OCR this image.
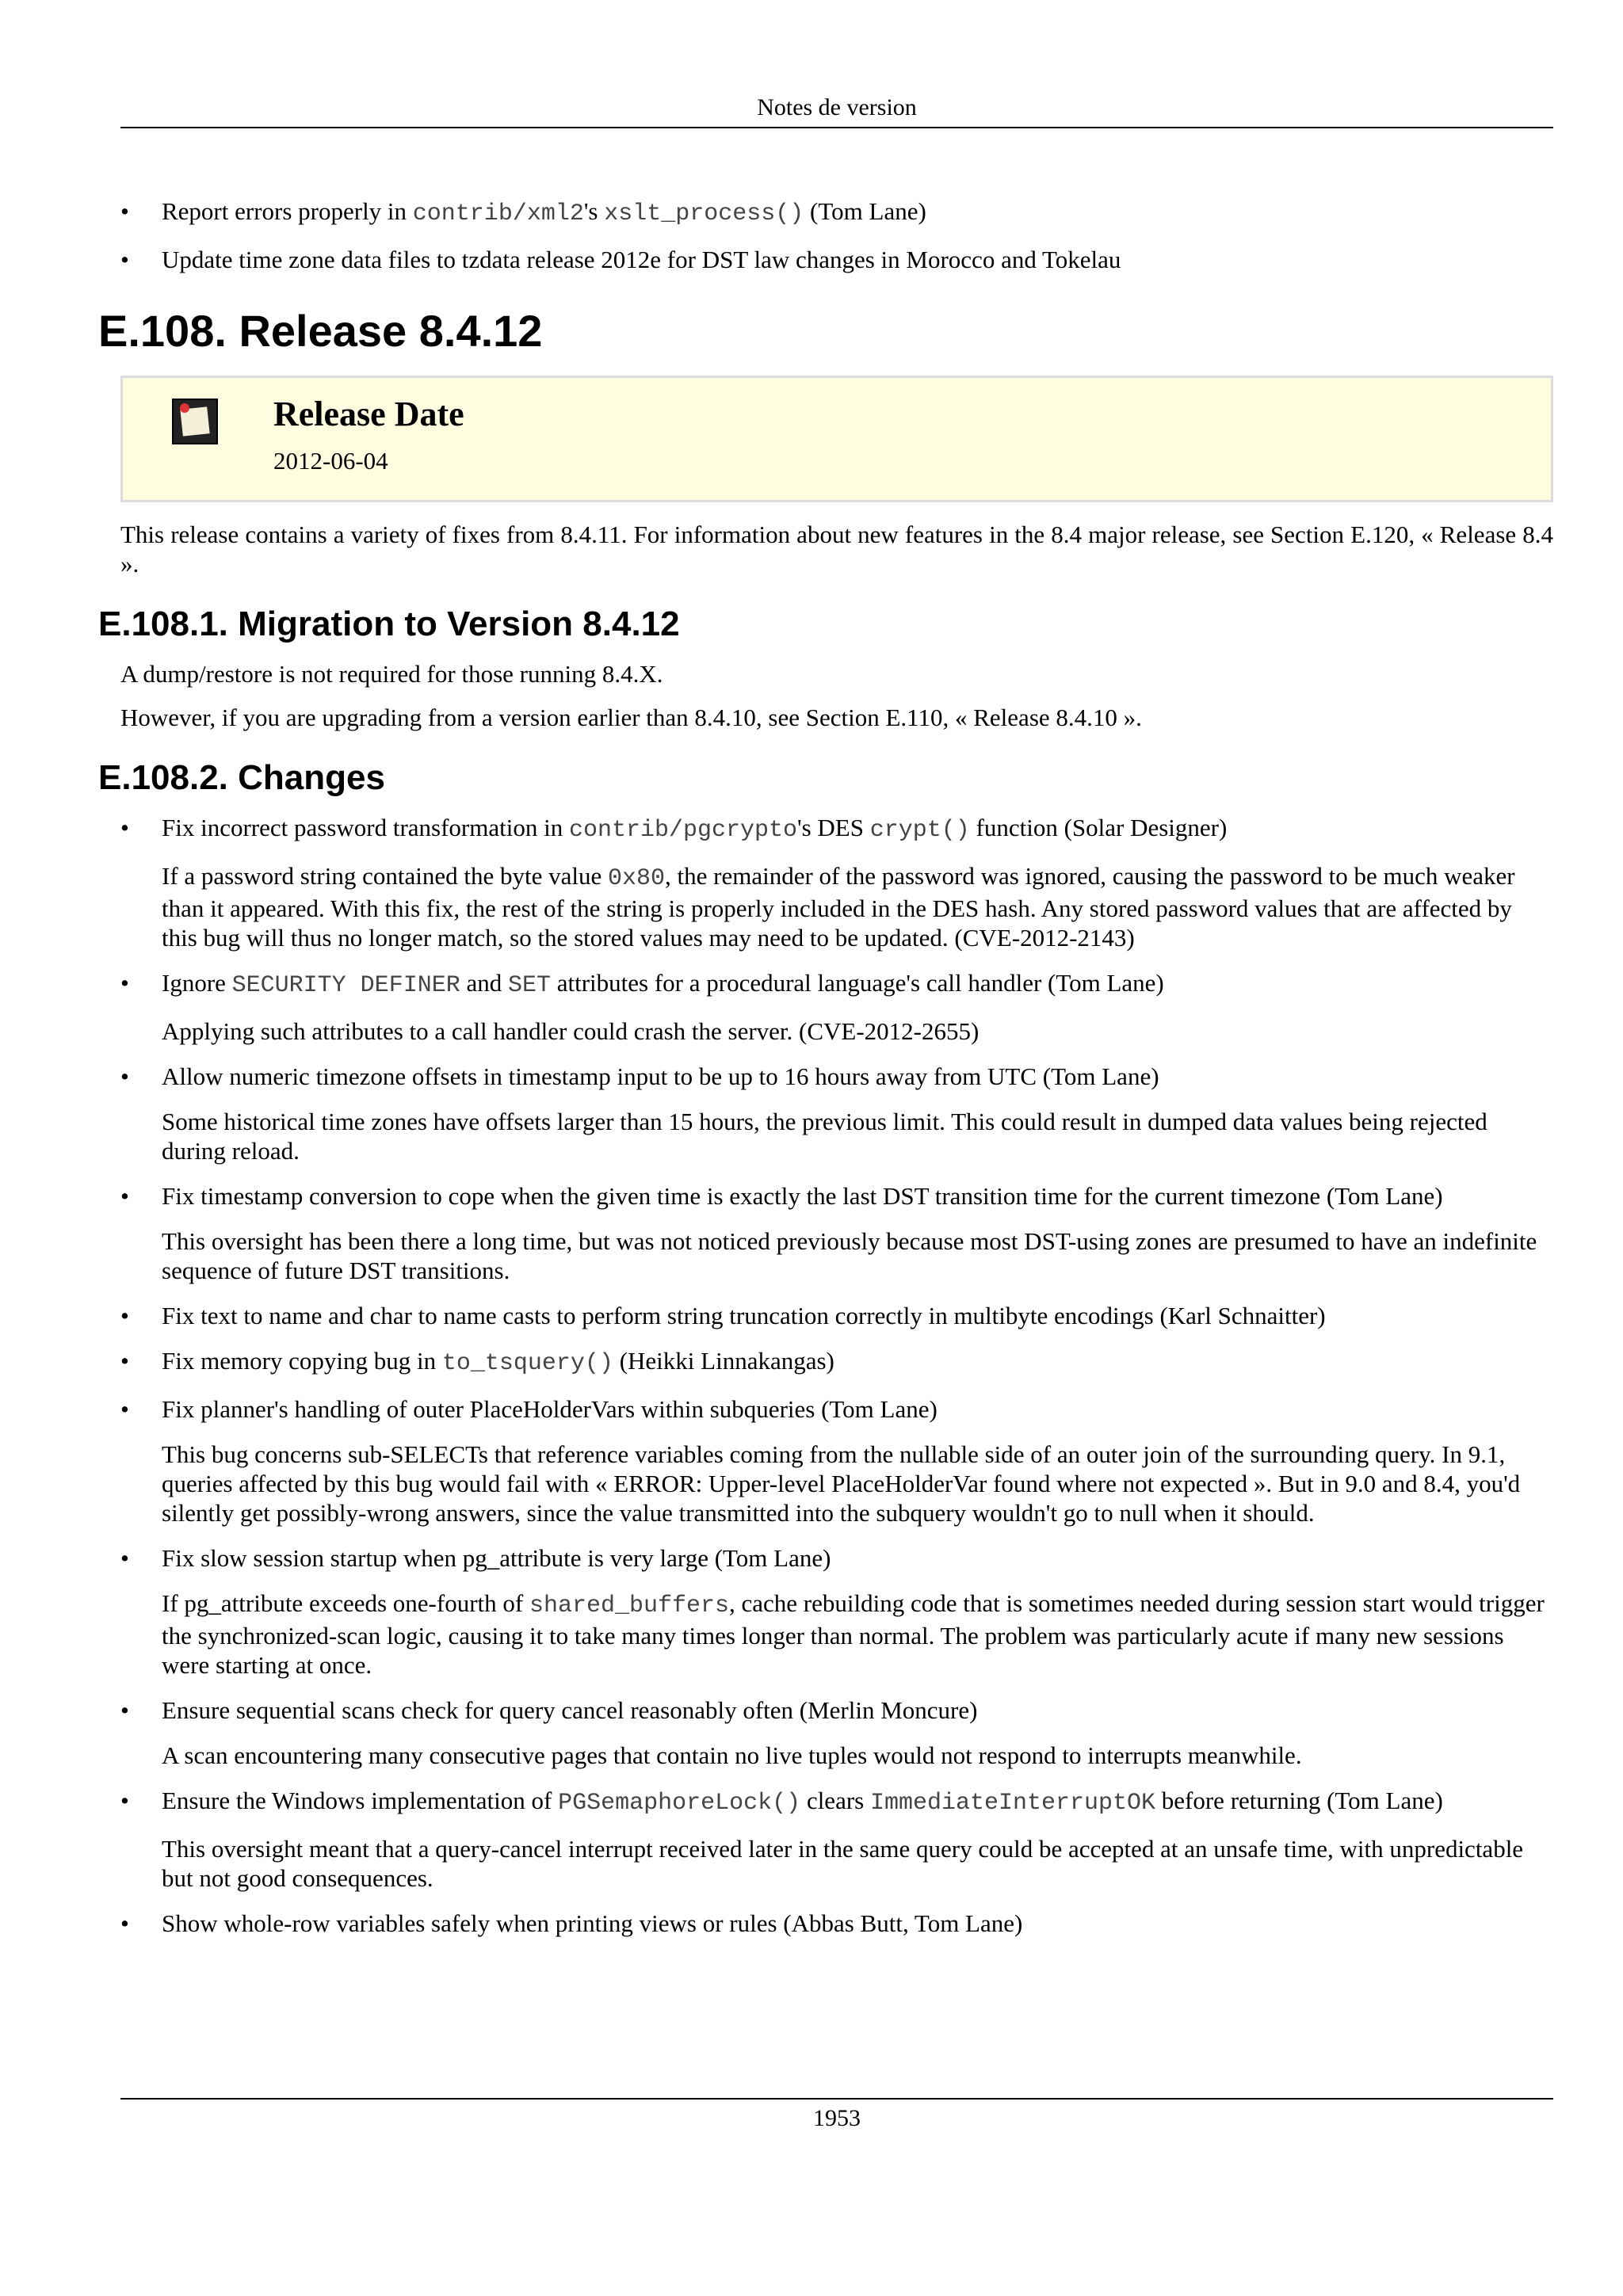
Notes de version
• Report errors properly in contrib/xml2's xslt_process() (Tom Lane)
• Update time zone data files to tzdata release 2012e for DST law changes in Morocco and Tokelau
E.108. Release 8.4.12
Release Date
2012-06-04

This release contains a variety of fixes from 8.4.11. For information about new features in the 8.4 major release, see Section E.120, « Release 8.4 ».

E.108.1. Migration to Version 8.4.12

A dump/restore is not required for those running 8.4.X.

However, if you are upgrading from a version earlier than 8.4.10, see Section E.110, « Release 8.4.10 ».

E.108.2. Changes
• Fix incorrect password transformation in contrib/pgcrypto's DES crypt() function (Solar Designer)
If a password string contained the byte value 0x80, the remainder of the password was ignored, causing the password to be much weaker than it appeared. With this fix, the rest of the string is properly included in the DES hash. Any stored password values that are affected by this bug will thus no longer match, so the stored values may need to be updated. (CVE-2012-2143)
• Ignore SECURITY DEFINER and SET attributes for a procedural language's call handler (Tom Lane)
Applying such attributes to a call handler could crash the server. (CVE-2012-2655)
• Allow numeric timezone offsets in timestamp input to be up to 16 hours away from UTC (Tom Lane)
Some historical time zones have offsets larger than 15 hours, the previous limit. This could result in dumped data values being rejected during reload.
• Fix timestamp conversion to cope when the given time is exactly the last DST transition time for the current timezone (Tom Lane)
This oversight has been there a long time, but was not noticed previously because most DST-using zones are presumed to have an indefinite sequence of future DST transitions.
• Fix text to name and char to name casts to perform string truncation correctly in multibyte encodings (Karl Schnaitter)
• Fix memory copying bug in to_tsquery() (Heikki Linnakangas)
• Fix planner's handling of outer PlaceHolderVars within subqueries (Tom Lane)
This bug concerns sub-SELECTs that reference variables coming from the nullable side of an outer join of the surrounding query. In 9.1, queries affected by this bug would fail with « ERROR: Upper-level PlaceHolderVar found where not expected ». But in 9.0 and 8.4, you'd silently get possibly-wrong answers, since the value transmitted into the subquery wouldn't go to null when it should.
• Fix slow session startup when pg_attribute is very large (Tom Lane)
If pg_attribute exceeds one-fourth of shared_buffers, cache rebuilding code that is sometimes needed during session start would trigger the synchronized-scan logic, causing it to take many times longer than normal. The problem was particularly acute if many new sessions were starting at once.
• Ensure sequential scans check for query cancel reasonably often (Merlin Moncure)
A scan encountering many consecutive pages that contain no live tuples would not respond to interrupts meanwhile.
• Ensure the Windows implementation of PGSemaphoreLock() clears ImmediateInterruptOK before returning (Tom Lane)
This oversight meant that a query-cancel interrupt received later in the same query could be accepted at an unsafe time, with unpredictable but not good consequences.
• Show whole-row variables safely when printing views or rules (Abbas Butt, Tom Lane)
1953
